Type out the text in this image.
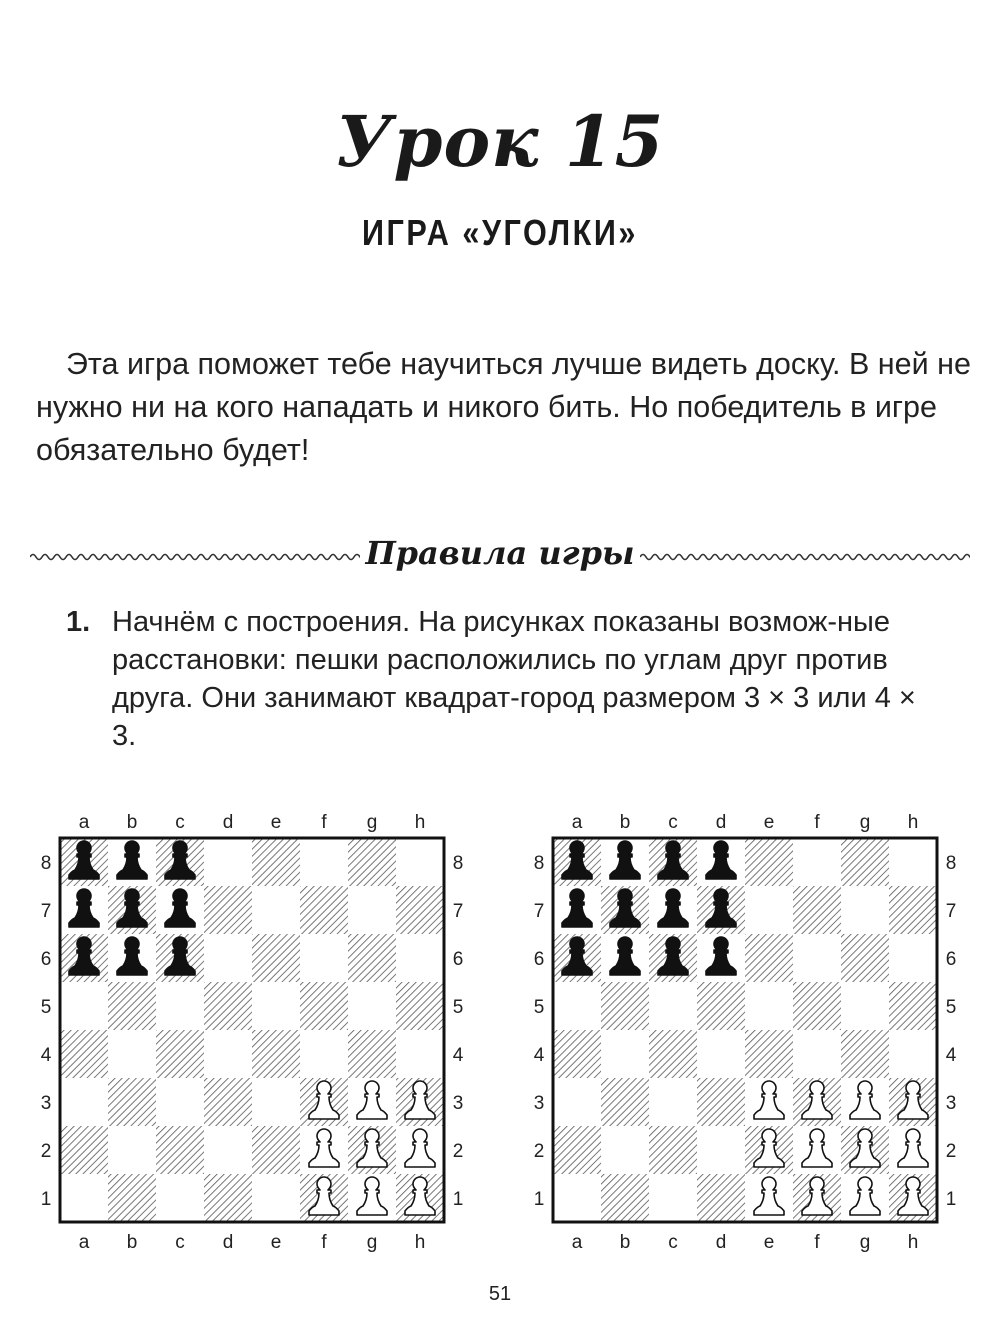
Урок 15
ИГРА «УГОЛКИ»

Эта игра поможет тебе научиться лучше видеть доску. В ней не нужно ни на кого нападать и никого бить. Но победитель в игре обязательно будет!

Правила игры
1. Начнём с построения. На рисунках показаны возмож-ные расстановки: пешки расположились по углам друг против друга. Они занимают квадрат-город размером 3 × 3 или 4 × 3.
a
a
b
b
c
c
d
d
e
e
f
f
g
g
h
h
8	8
7	7
6	6
5	5
4	4
3	3
2	2
1	1
a
a
b
b
c
c
d
d
e
e
f
f
g
g
h
h
8	8
7	7
6	6
5	5
4	4
3	3
2	2
1	1
51
